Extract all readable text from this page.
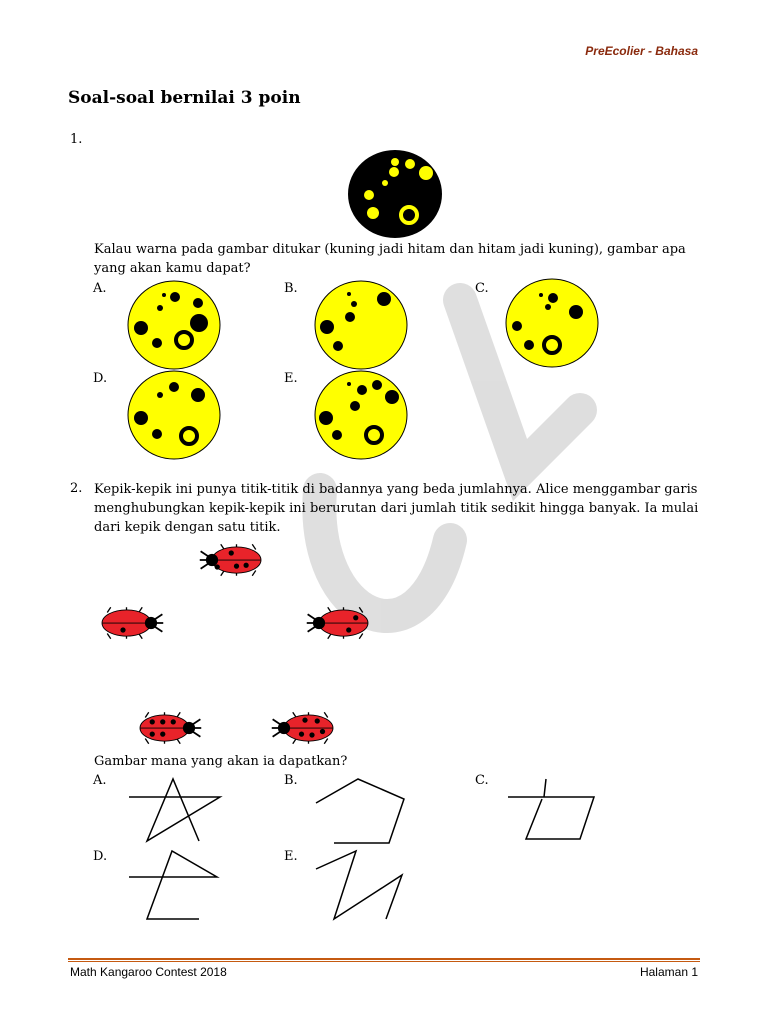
PreEcolier - Bahasa
Soal-soal bernilai 3 poin
1.
Kalau warna pada gambar ditukar (kuning jadi hitam dan hitam jadi kuning), gambar apa yang akan kamu dapat?
A.	B.	C.
D.	E.
2. Kepik-kepik ini punya titik-titik di badannya yang beda jumlahnya. Alice menggambar garis menghubungkan kepik-kepik ini berurutan dari jumlah titik sedikit hingga banyak. Ia mulai dari kepik dengan satu titik.
Gambar mana yang akan ia dapatkan?
A.	B.	C.
D.	E.
Math Kangaroo Contest 2018	Halaman 1
